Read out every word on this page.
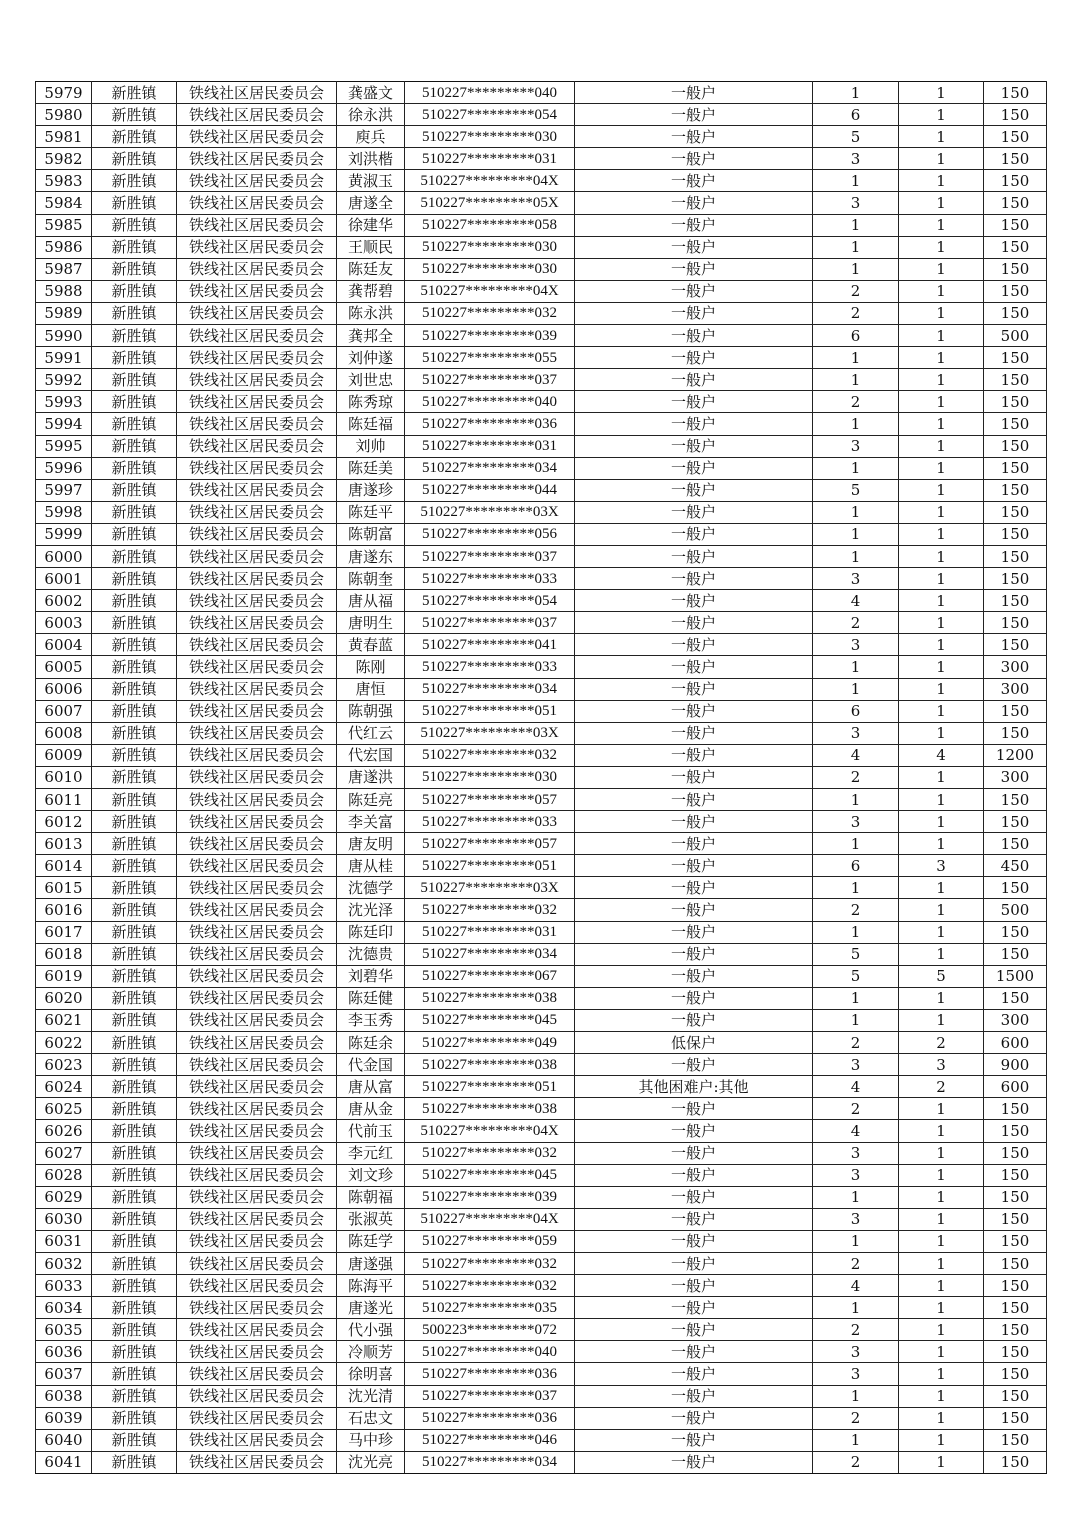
5979	新胜镇	铁线社区居民委员会	龚盛文	510227*********040	一般户	1	1	150
5980	新胜镇	铁线社区居民委员会	徐永洪	510227*********054	一般户	6	1	150
5981	新胜镇	铁线社区居民委员会	庾兵	510227*********030	一般户	5	1	150
5982	新胜镇	铁线社区居民委员会	刘洪楷	510227*********031	一般户	3	1	150
5983	新胜镇	铁线社区居民委员会	黄淑玉	510227*********04X	一般户	1	1	150
5984	新胜镇	铁线社区居民委员会	唐遂全	510227*********05X	一般户	3	1	150
5985	新胜镇	铁线社区居民委员会	徐建华	510227*********058	一般户	1	1	150
5986	新胜镇	铁线社区居民委员会	王顺民	510227*********030	一般户	1	1	150
5987	新胜镇	铁线社区居民委员会	陈廷友	510227*********030	一般户	1	1	150
5988	新胜镇	铁线社区居民委员会	龚帮碧	510227*********04X	一般户	2	1	150
5989	新胜镇	铁线社区居民委员会	陈永洪	510227*********032	一般户	2	1	150
5990	新胜镇	铁线社区居民委员会	龚邦全	510227*********039	一般户	6	1	500
5991	新胜镇	铁线社区居民委员会	刘仲遂	510227*********055	一般户	1	1	150
5992	新胜镇	铁线社区居民委员会	刘世忠	510227*********037	一般户	1	1	150
5993	新胜镇	铁线社区居民委员会	陈秀琼	510227*********040	一般户	2	1	150
5994	新胜镇	铁线社区居民委员会	陈廷福	510227*********036	一般户	1	1	150
5995	新胜镇	铁线社区居民委员会	刘帅	510227*********031	一般户	3	1	150
5996	新胜镇	铁线社区居民委员会	陈廷美	510227*********034	一般户	1	1	150
5997	新胜镇	铁线社区居民委员会	唐遂珍	510227*********044	一般户	5	1	150
5998	新胜镇	铁线社区居民委员会	陈廷平	510227*********03X	一般户	1	1	150
5999	新胜镇	铁线社区居民委员会	陈朝富	510227*********056	一般户	1	1	150
6000	新胜镇	铁线社区居民委员会	唐遂东	510227*********037	一般户	1	1	150
6001	新胜镇	铁线社区居民委员会	陈朝奎	510227*********033	一般户	3	1	150
6002	新胜镇	铁线社区居民委员会	唐从福	510227*********054	一般户	4	1	150
6003	新胜镇	铁线社区居民委员会	唐明生	510227*********037	一般户	2	1	150
6004	新胜镇	铁线社区居民委员会	黄春蓝	510227*********041	一般户	3	1	150
6005	新胜镇	铁线社区居民委员会	陈刚	510227*********033	一般户	1	1	300
6006	新胜镇	铁线社区居民委员会	唐恒	510227*********034	一般户	1	1	300
6007	新胜镇	铁线社区居民委员会	陈朝强	510227*********051	一般户	6	1	150
6008	新胜镇	铁线社区居民委员会	代红云	510227*********03X	一般户	3	1	150
6009	新胜镇	铁线社区居民委员会	代宏国	510227*********032	一般户	4	4	1200
6010	新胜镇	铁线社区居民委员会	唐遂洪	510227*********030	一般户	2	1	300
6011	新胜镇	铁线社区居民委员会	陈廷亮	510227*********057	一般户	1	1	150
6012	新胜镇	铁线社区居民委员会	李关富	510227*********033	一般户	3	1	150
6013	新胜镇	铁线社区居民委员会	唐友明	510227*********057	一般户	1	1	150
6014	新胜镇	铁线社区居民委员会	唐从桂	510227*********051	一般户	6	3	450
6015	新胜镇	铁线社区居民委员会	沈德学	510227*********03X	一般户	1	1	150
6016	新胜镇	铁线社区居民委员会	沈光泽	510227*********032	一般户	2	1	500
6017	新胜镇	铁线社区居民委员会	陈廷印	510227*********031	一般户	1	1	150
6018	新胜镇	铁线社区居民委员会	沈德贵	510227*********034	一般户	5	1	150
6019	新胜镇	铁线社区居民委员会	刘碧华	510227*********067	一般户	5	5	1500
6020	新胜镇	铁线社区居民委员会	陈廷健	510227*********038	一般户	1	1	150
6021	新胜镇	铁线社区居民委员会	李玉秀	510227*********045	一般户	1	1	300
6022	新胜镇	铁线社区居民委员会	陈廷余	510227*********049	低保户	2	2	600
6023	新胜镇	铁线社区居民委员会	代金国	510227*********038	一般户	3	3	900
6024	新胜镇	铁线社区居民委员会	唐从富	510227*********051	其他困难户:其他	4	2	600
6025	新胜镇	铁线社区居民委员会	唐从金	510227*********038	一般户	2	1	150
6026	新胜镇	铁线社区居民委员会	代前玉	510227*********04X	一般户	4	1	150
6027	新胜镇	铁线社区居民委员会	李元红	510227*********032	一般户	3	1	150
6028	新胜镇	铁线社区居民委员会	刘文珍	510227*********045	一般户	3	1	150
6029	新胜镇	铁线社区居民委员会	陈朝福	510227*********039	一般户	1	1	150
6030	新胜镇	铁线社区居民委员会	张淑英	510227*********04X	一般户	3	1	150
6031	新胜镇	铁线社区居民委员会	陈廷学	510227*********059	一般户	1	1	150
6032	新胜镇	铁线社区居民委员会	唐遂强	510227*********032	一般户	2	1	150
6033	新胜镇	铁线社区居民委员会	陈海平	510227*********032	一般户	4	1	150
6034	新胜镇	铁线社区居民委员会	唐遂光	510227*********035	一般户	1	1	150
6035	新胜镇	铁线社区居民委员会	代小强	500223*********072	一般户	2	1	150
6036	新胜镇	铁线社区居民委员会	冷顺芳	510227*********040	一般户	3	1	150
6037	新胜镇	铁线社区居民委员会	徐明喜	510227*********036	一般户	3	1	150
6038	新胜镇	铁线社区居民委员会	沈光清	510227*********037	一般户	1	1	150
6039	新胜镇	铁线社区居民委员会	石忠文	510227*********036	一般户	2	1	150
6040	新胜镇	铁线社区居民委员会	马中珍	510227*********046	一般户	1	1	150
6041	新胜镇	铁线社区居民委员会	沈光亮	510227*********034	一般户	2	1	150
